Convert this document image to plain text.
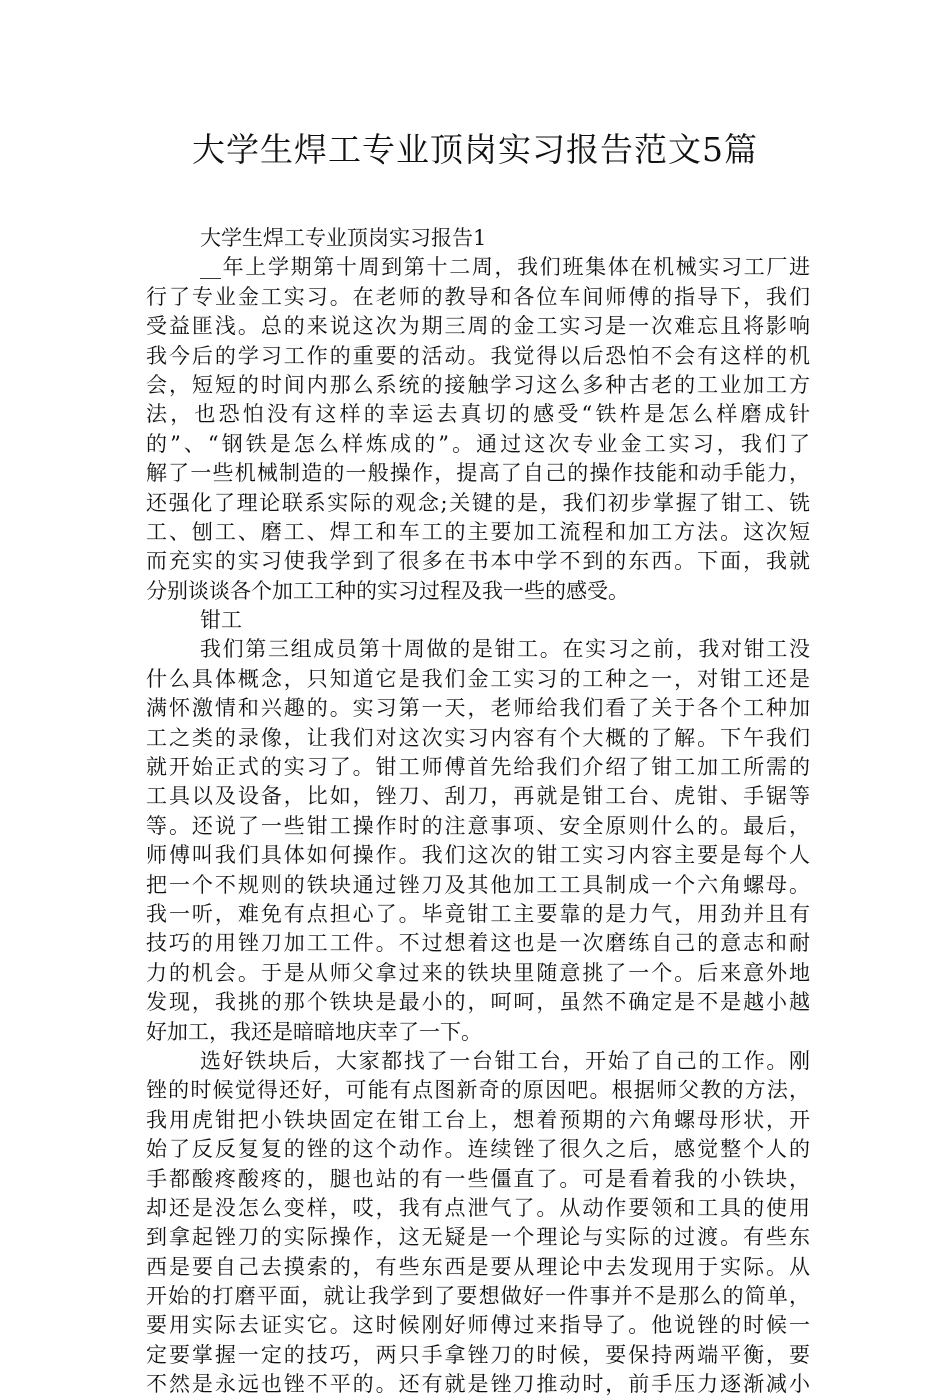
大学生焊工专业顶岗实习报告范文5篇
大学生焊工专业顶岗实习报告1
__年上学期第十周到第十二周，我们班集体在机械实习工厂进
行了专业金工实习。在老师的教导和各位车间师傅的指导下，我们
受益匪浅。总的来说这次为期三周的金工实习是一次难忘且将影响
我今后的学习工作的重要的活动。我觉得以后恐怕不会有这样的机
会，短短的时间内那么系统的接触学习这么多种古老的工业加工方
法，也恐怕没有这样的幸运去真切的感受“铁杵是怎么样磨成针
的”、“钢铁是怎么样炼成的”。通过这次专业金工实习，我们了
解了一些机械制造的一般操作，提高了自己的操作技能和动手能力，
还强化了理论联系实际的观念;关键的是，我们初步掌握了钳工、铣
工、刨工、磨工、焊工和车工的主要加工流程和加工方法。这次短
而充实的实习使我学到了很多在书本中学不到的东西。下面，我就
分别谈谈各个加工工种的实习过程及我一些的感受。
钳工
我们第三组成员第十周做的是钳工。在实习之前，我对钳工没
什么具体概念，只知道它是我们金工实习的工种之一，对钳工还是
满怀激情和兴趣的。实习第一天，老师给我们看了关于各个工种加
工之类的录像，让我们对这次实习内容有个大概的了解。下午我们
就开始正式的实习了。钳工师傅首先给我们介绍了钳工加工所需的
工具以及设备，比如，锉刀、刮刀，再就是钳工台、虎钳、手锯等
等。还说了一些钳工操作时的注意事项、安全原则什么的。最后，
师傅叫我们具体如何操作。我们这次的钳工实习内容主要是每个人
把一个不规则的铁块通过锉刀及其他加工工具制成一个六角螺母。
我一听，难免有点担心了。毕竟钳工主要靠的是力气，用劲并且有
技巧的用锉刀加工工件。不过想着这也是一次磨练自己的意志和耐
力的机会。于是从师父拿过来的铁块里随意挑了一个。后来意外地
发现，我挑的那个铁块是最小的，呵呵，虽然不确定是不是越小越
好加工，我还是暗暗地庆幸了一下。
选好铁块后，大家都找了一台钳工台，开始了自己的工作。刚
锉的时候觉得还好，可能有点图新奇的原因吧。根据师父教的方法，
我用虎钳把小铁块固定在钳工台上，想着预期的六角螺母形状，开
始了反反复复的锉的这个动作。连续锉了很久之后，感觉整个人的
手都酸疼酸疼的，腿也站的有一些僵直了。可是看着我的小铁块，
却还是没怎么变样，哎，我有点泄气了。从动作要领和工具的使用
到拿起锉刀的实际操作，这无疑是一个理论与实际的过渡。有些东
西是要自己去摸索的，有些东西是要从理论中去发现用于实际。从
开始的打磨平面，就让我学到了要想做好一件事并不是那么的简单，
要用实际去证实它。这时候刚好师傅过来指导了。他说锉的时候一
定要掌握一定的技巧，两只手拿锉刀的时候，要保持两端平衡，要
不然是永远也锉不平的。还有就是锉刀推动时，前手压力逐渐减小
